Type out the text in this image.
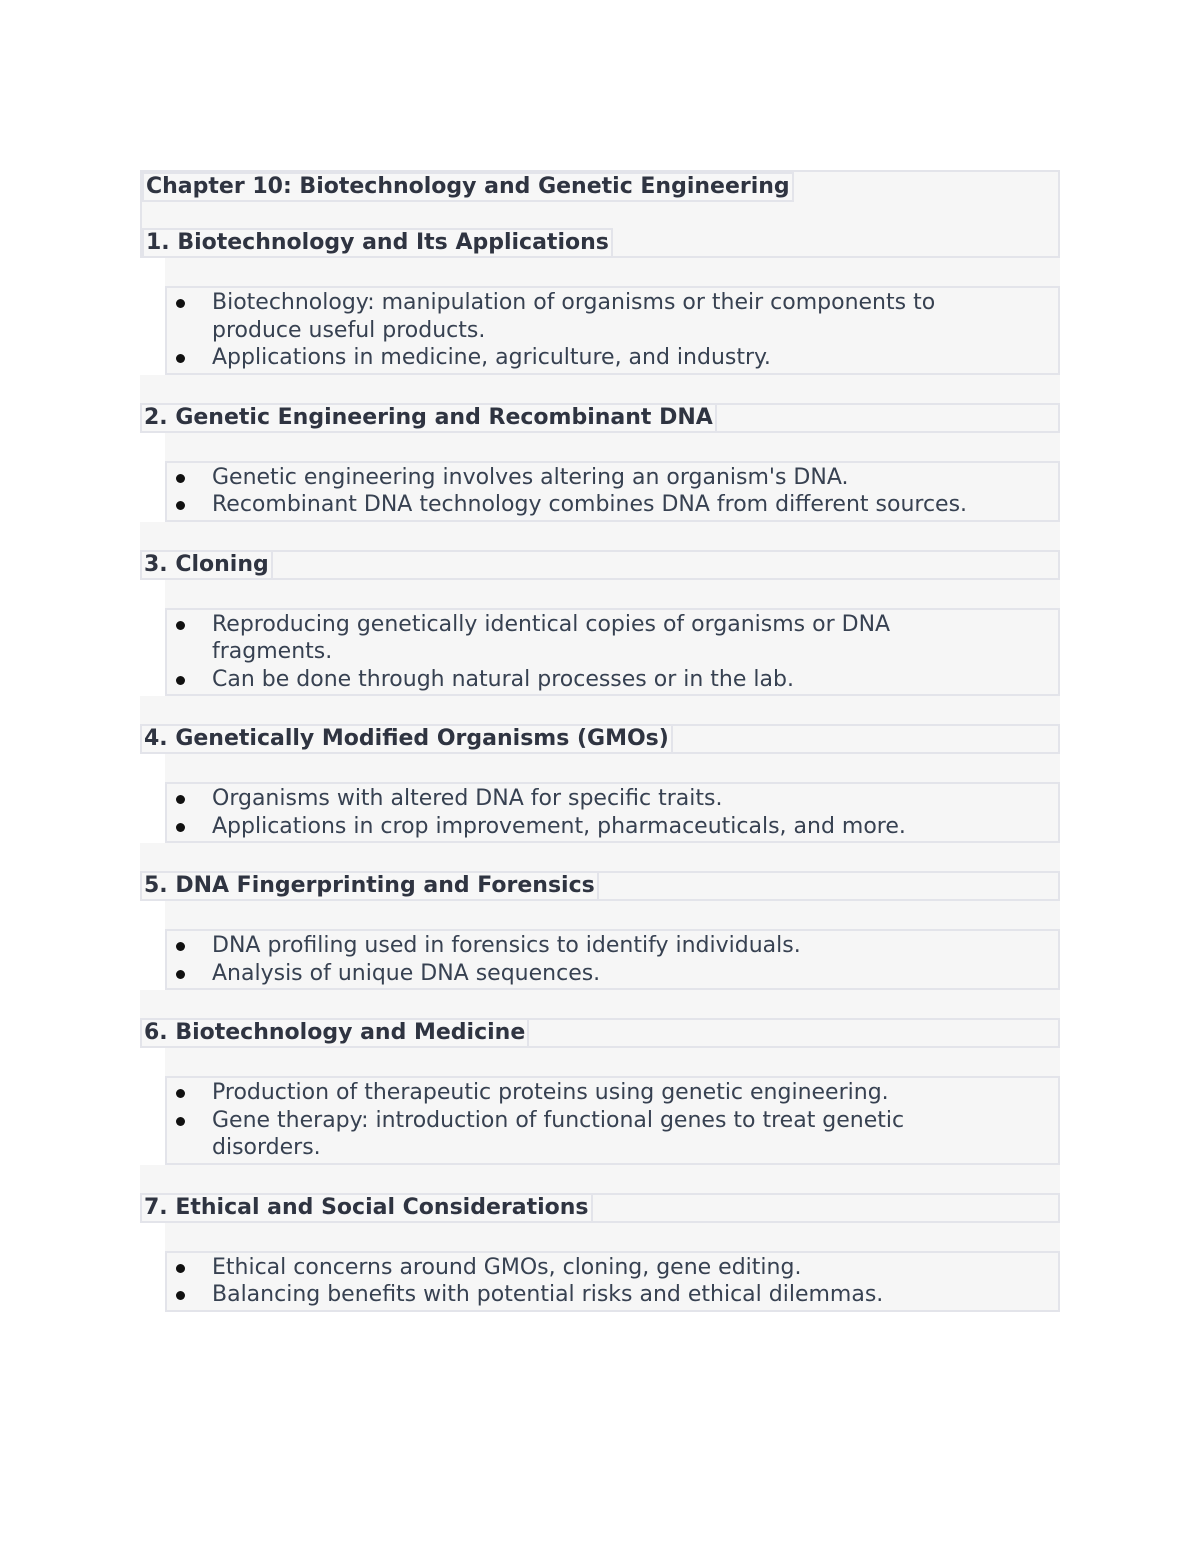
Chapter 10: Biotechnology and Genetic Engineering
1. Biotechnology and Its Applications
Biotechnology: manipulation of organisms or their components to produce useful products.
Applications in medicine, agriculture, and industry.
2. Genetic Engineering and Recombinant DNA
Genetic engineering involves altering an organism's DNA.
Recombinant DNA technology combines DNA from different sources.
3. Cloning
Reproducing genetically identical copies of organisms or DNA fragments.
Can be done through natural processes or in the lab.
4. Genetically Modified Organisms (GMOs)
Organisms with altered DNA for specific traits.
Applications in crop improvement, pharmaceuticals, and more.
5. DNA Fingerprinting and Forensics
DNA profiling used in forensics to identify individuals.
Analysis of unique DNA sequences.
6. Biotechnology and Medicine
Production of therapeutic proteins using genetic engineering.
Gene therapy: introduction of functional genes to treat genetic disorders.
7. Ethical and Social Considerations
Ethical concerns around GMOs, cloning, gene editing.
Balancing benefits with potential risks and ethical dilemmas.
